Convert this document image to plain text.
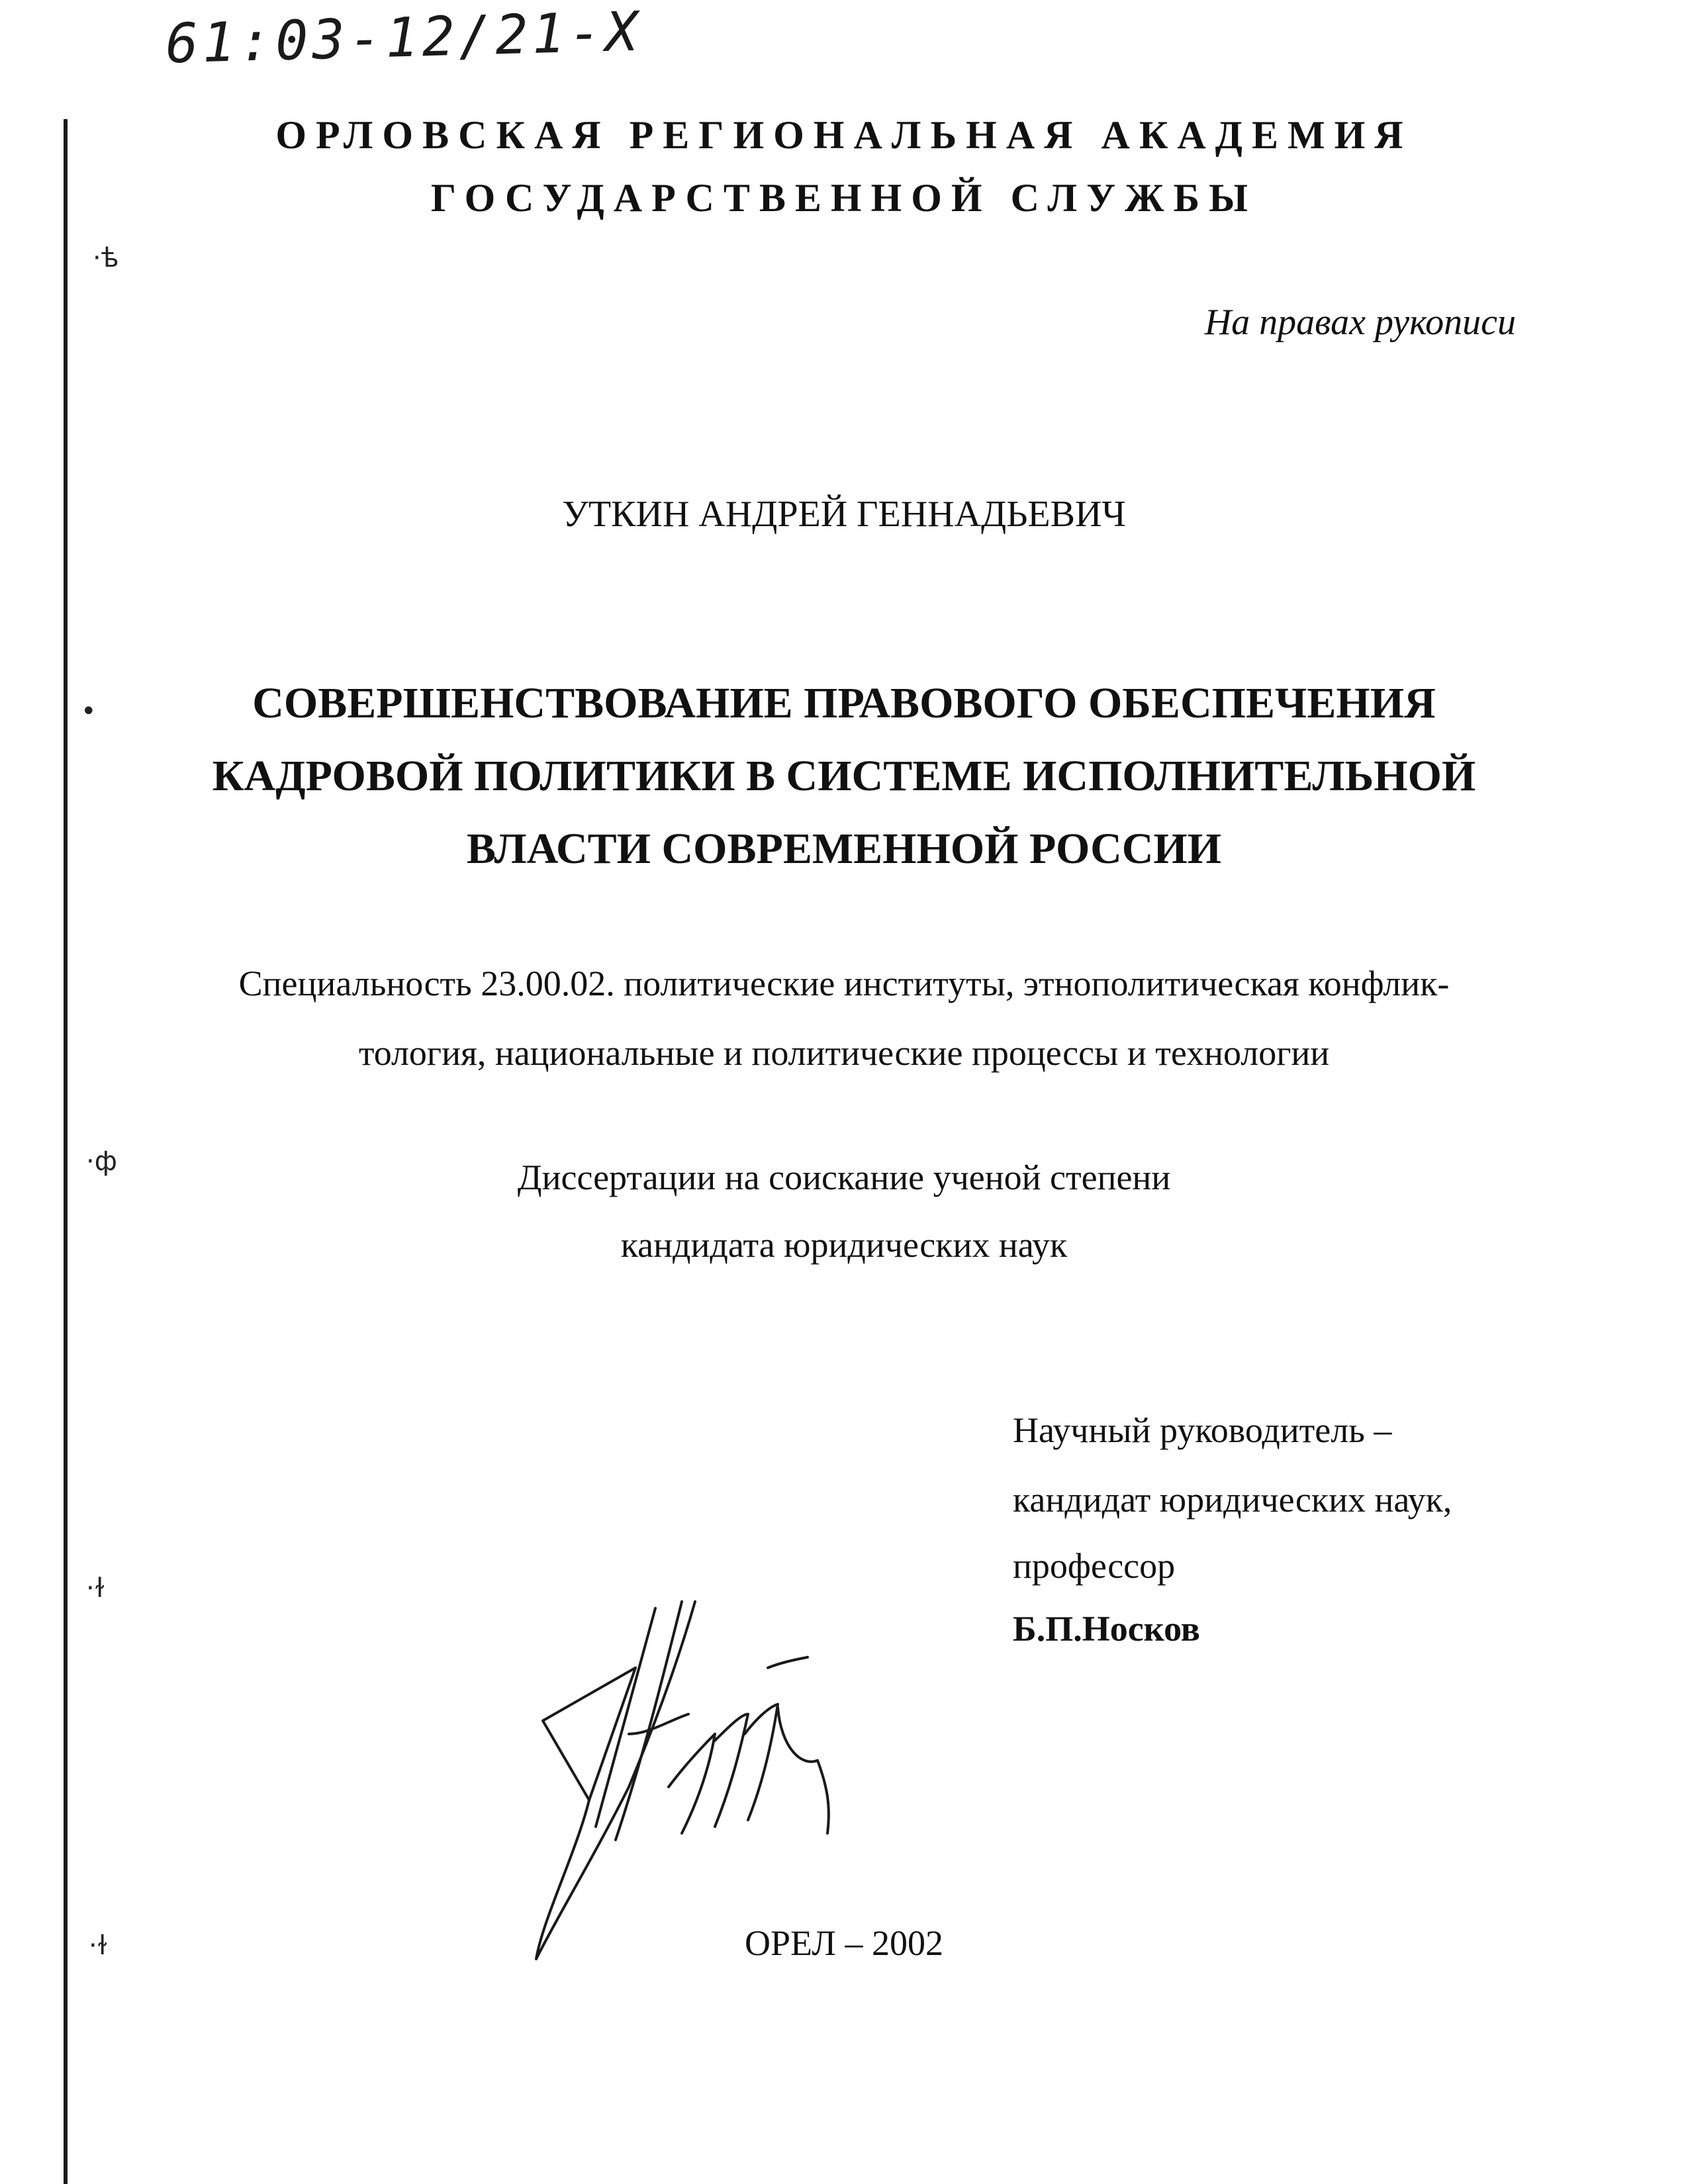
·ѣ
•
·ф
·ɫ
·ɫ
61:03-12/21-X
ОРЛОВСКАЯ РЕГИОНАЛЬНАЯ АКАДЕМИЯ
ГОСУДАРСТВЕННОЙ СЛУЖБЫ
На правах рукописи
УТКИН АНДРЕЙ ГЕННАДЬЕВИЧ
СОВЕРШЕНСТВОВАНИЕ ПРАВОВОГО ОБЕСПЕЧЕНИЯ
КАДРОВОЙ ПОЛИТИКИ В СИСТЕМЕ ИСПОЛНИТЕЛЬНОЙ
ВЛАСТИ СОВРЕМЕННОЙ РОССИИ
Специальность 23.00.02. политические институты, этнополитическая конфлик-
тология, национальные и политические процессы и технологии
Диссертации на соискание ученой степени
кандидата юридических наук
Научный руководитель –
кандидат юридических наук,
профессор
Б.П.Носков
ОРЕЛ – 2002
